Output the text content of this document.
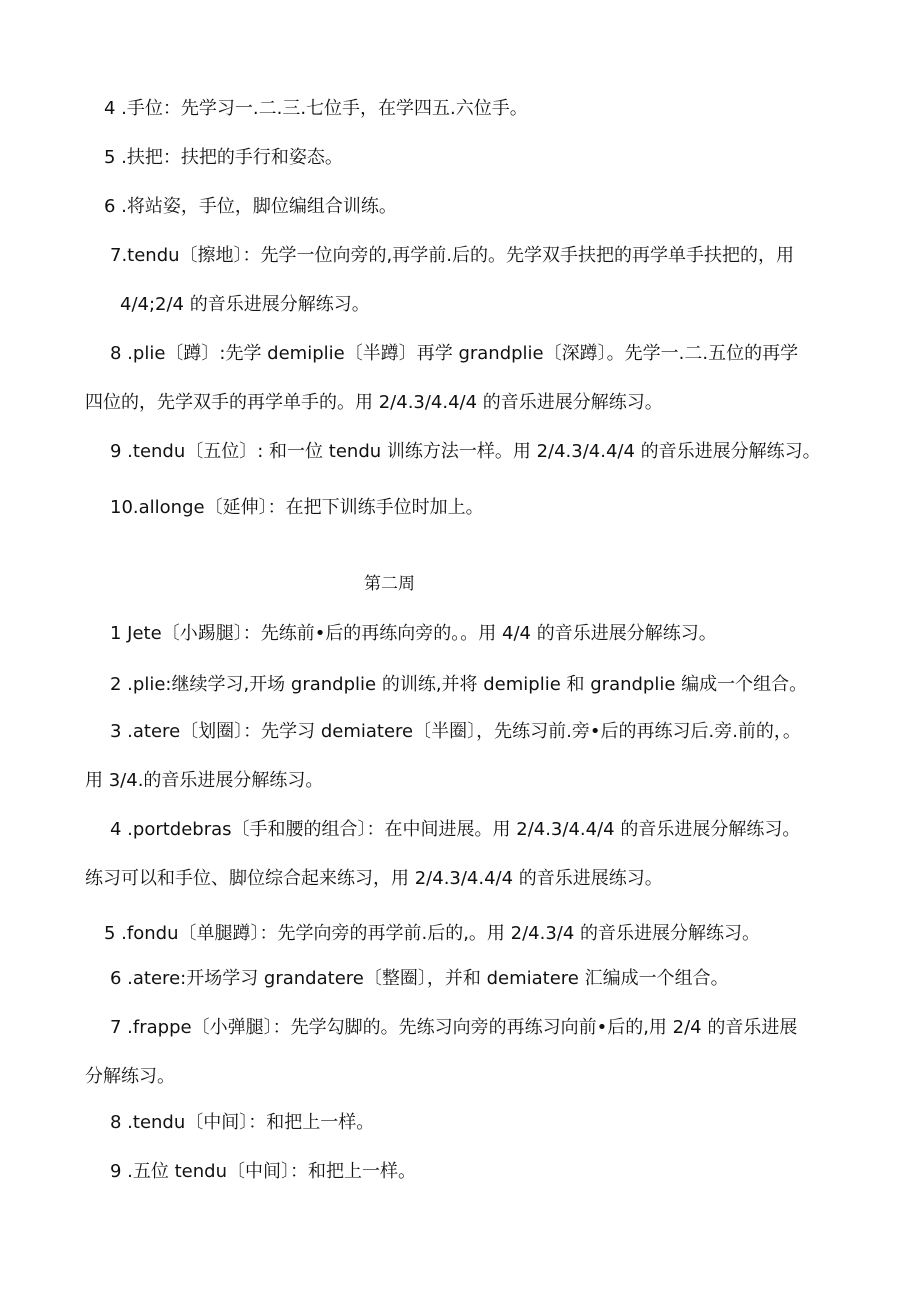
4 .手位：先学习一.二.三.七位手，在学四五.六位手。
5 .扶把：扶把的手行和姿态。
6 .将站姿，手位，脚位编组合训练。
7.tendu〔擦地〕：先学一位向旁的,再学前.后的。先学双手扶把的再学单手扶把的，用
4/4;2/4 的音乐进展分解练习。
8 .plie〔蹲〕:先学 demiplie〔半蹲〕再学 grandplie〔深蹲〕。先学一.二.五位的再学
四位的，先学双手的再学单手的。用 2/4.3/4.4/4 的音乐进展分解练习。
9 .tendu〔五位〕: 和一位 tendu 训练方法一样。用 2/4.3/4.4/4 的音乐进展分解练习。
10.allonge〔延伸〕：在把下训练手位时加上。
第二周
1 Jete〔小踢腿〕：先练前•后的再练向旁的。。用 4/4 的音乐进展分解练习。
2 .plie:继续学习,开场 grandplie 的训练,并将 demiplie 和 grandplie 编成一个组合。
3 .atere〔划圈〕：先学习 demiatere〔半圈〕，先练习前.旁•后的再练习后.旁.前的，。
用 3/4.的音乐进展分解练习。
4 .portdebras〔手和腰的组合〕：在中间进展。用 2/4.3/4.4/4 的音乐进展分解练习。
练习可以和手位、脚位综合起来练习，用 2/4.3/4.4/4 的音乐进展练习。
5 .fondu〔单腿蹲〕：先学向旁的再学前.后的,。用 2/4.3/4 的音乐进展分解练习。
6 .atere:开场学习 grandatere〔整圈〕，并和 demiatere 汇编成一个组合。
7 .frappe〔小弹腿〕：先学勾脚的。先练习向旁的再练习向前•后的,用 2/4 的音乐进展
分解练习。
8 .tendu〔中间〕：和把上一样。
9 .五位 tendu〔中间〕：和把上一样。
